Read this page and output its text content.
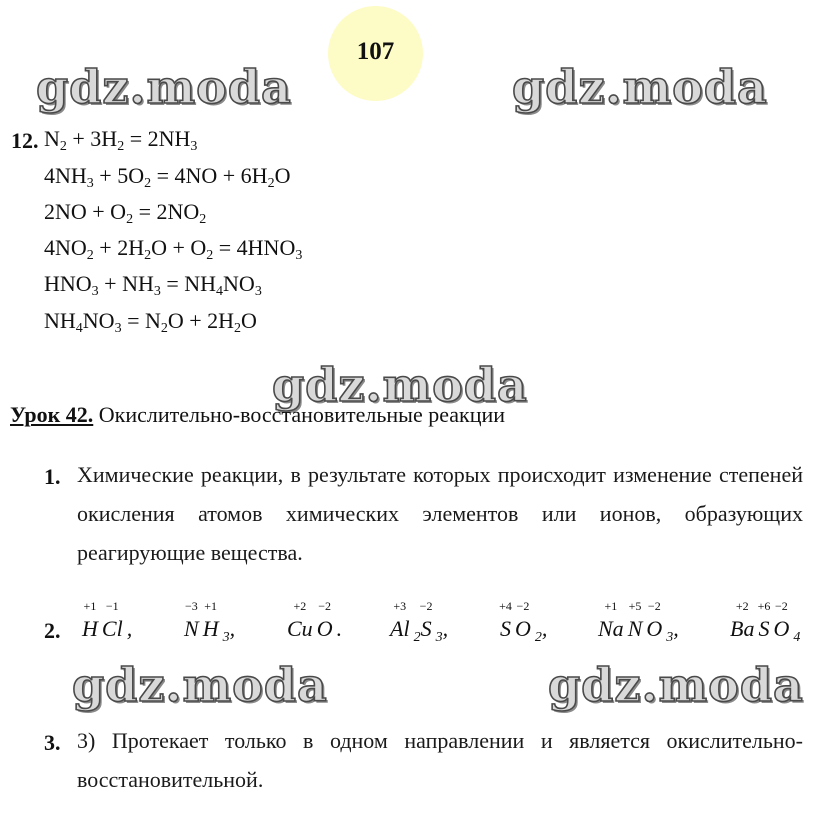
107
gdz.moda	gdz.moda
gdz.moda
gdz.moda	gdz.moda
12. $N_2 + 3H_2 = 2NH_3$
$4NH_3 + 5O_2 = 4NO + 6H_2O$
$2NO + O_2 = 2NO_2$
$4NO_2 + 2H_2O + O_2 = 4HNO_3$
$HNO_3 + NH_3 = NH_4NO_3$
$NH_4NO_3 = N_2O + 2H_2O$
Урок 42. Окислительно-восстановительные реакции
1. Химические реакции, в результате которых происходит изменение степеней окисления атомов химических элементов или ионов, образующих реагирующие вещества.
2. H Cl ,
+1 −1
N H $_3$,
−3 +1
Cu O .
+2 −2
Al $_2$S $_3$,
+3 −2
S O $_2$,
+4 −2
Na N O $_3$,
+1 +5 −2
Ba S O $_4$
+2 +6 −2
3. 3) Протекает только в одном направлении и является окислительно-восстановительной.
